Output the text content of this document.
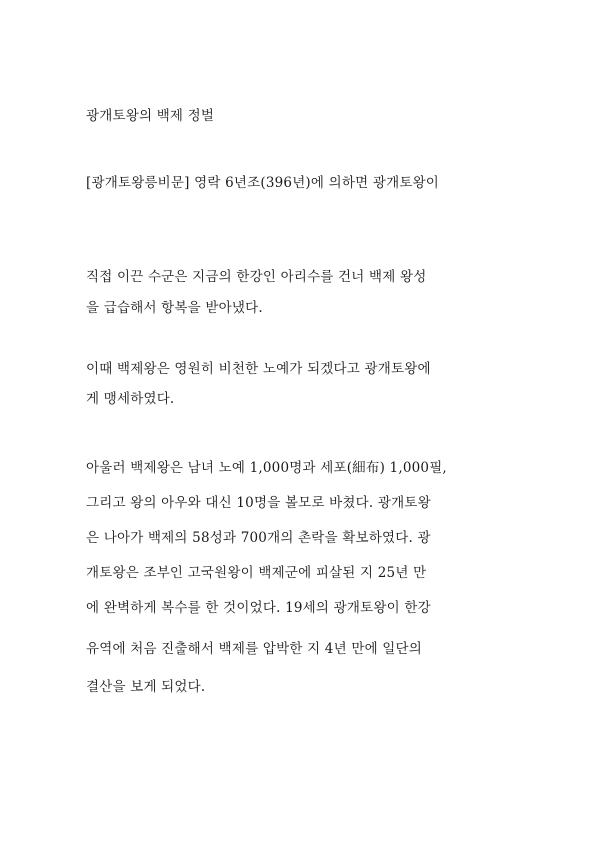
광개토왕의 백제 정벌
[광개토왕릉비문] 영락 6년조(396년)에 의하면 광개토왕이
직접 이끈 수군은 지금의 한강인 아리수를 건너 백제 왕성
을 급습해서 항복을 받아냈다.
이때 백제왕은 영원히 비천한 노예가 되겠다고 광개토왕에
게 맹세하였다.
아울러 백제왕은 남녀 노예 1,000명과 세포(細布) 1,000필,
그리고 왕의 아우와 대신 10명을 볼모로 바쳤다. 광개토왕
은 나아가 백제의 58성과 700개의 촌락을 확보하였다. 광
개토왕은 조부인 고국원왕이 백제군에 피살된 지 25년 만
에 완벽하게 복수를 한 것이었다. 19세의 광개토왕이 한강
유역에 처음 진출해서 백제를 압박한 지 4년 만에 일단의
결산을 보게 되었다.
